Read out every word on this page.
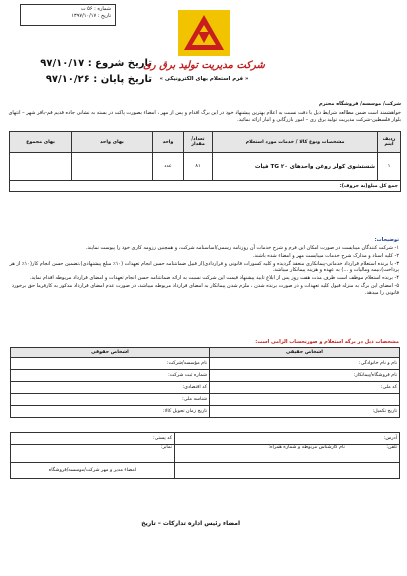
شماره : ۵۶ ت
تاریخ : ۱۳۹۷/۱۰/۱۷
تاریخ شروع : ۹۷/۱۰/۱۷
تاریخ پایان : ۹۷/۱۰/۲۶
شرکت مدیریت تولید برق ری
« فرم استعلام بهای الکترونیکی »
شرکت/ موسسه/ فروشگاه محترم
خواهشمند است ضمن مطالعه شرایط ذیل با دقت نسبت به اعلام بهترین پیشنهاد خود در این برگ اقدام و پس از مهر ، امضاء بصورت پاکت در بسته به نشانی جاده قدیم قم-باقر شهر – انتهای بلوار فلسطین-شرکت مدیریت تولید برق ری – امور بازرگانی و انبار ارائه نمائید.
ردیف آیتم	مشخصات ونوع کالا / خدمات مورد استعلام	تعداد/ مقدار	واحد	بهای واحد	بهای مجموع
۱	شستشوی کولر روغن واحدهای ۲۰ TG فیات	۸۱	عدد		
جمع کل مبلغ(به حروف):					
توضیحات:
۱- شرکت کنندگان میبایست در صورت امکان این فرم و شرح خدمات آن روزنامه رسمی/اساسنامه شرکت، و همچنین رزومه کاری خود را پیوست نمایند.
۲- کلیه اسناد و مدارک شرح خدمات میبایست مهر و امضاء شده باشند.
۳- با برنده استعلام قرارداد خدماتی-پیمانکاری منعقد گردیده و کلیه کسورات قانونی و قراردادی(از قبیل ضمانتنامه حسن انجام تعهدات (۱۰٪ مبلغ پیشنهادی)،تضمین حسن انجام کار(۱۰٪ از هر پرداخت)،بیمه ومالیات و ...) به عهده و هزینه پیمانکار میباشد.
۴- برنده استعلام موظف است ظرف مدت هفت روز پس از ابلاغ تایید پیشنهاد قیمت این شرکت نسبت به ارائه ضمانتنامه حسن انجام تعهدات و امضای قرارداد مربوطه اقدام نماید.
۵- امضای این برگ به منزله قبول کلیه تعهدات و در صورت برنده شدن ، ملزم شدن پیمانکار به امضای قرارداد مربوطه میباشد، در صورت عدم امضای قرارداد مذکور به کارفرما حق برخورد قانونی را میدهد.
مشخصات ذیل در برگه استعلام و صورتحساب الزامی است:
اشخاص حقیقی	اشخاص حقوقی
نام و نام خانوادگی:	نام مؤسسه/شرکت:
نام فروشگاه/پیمانکار:	شماره ثبت شرکت:
کد ملی:	کد اقتصادی:
	شناسه ملی:
تاریخ تکمیل:	تاریخ زمان تحویل کالا:
آدرس:	کد پستی:
تلفن: نام کارشناس مربوطه و شماره همراه:	نمابر:
	امضاء مدیر و مهر شرکت/موسسه/فروشگاه
امضاء رئیس اداره تدارکات – تاریخ
